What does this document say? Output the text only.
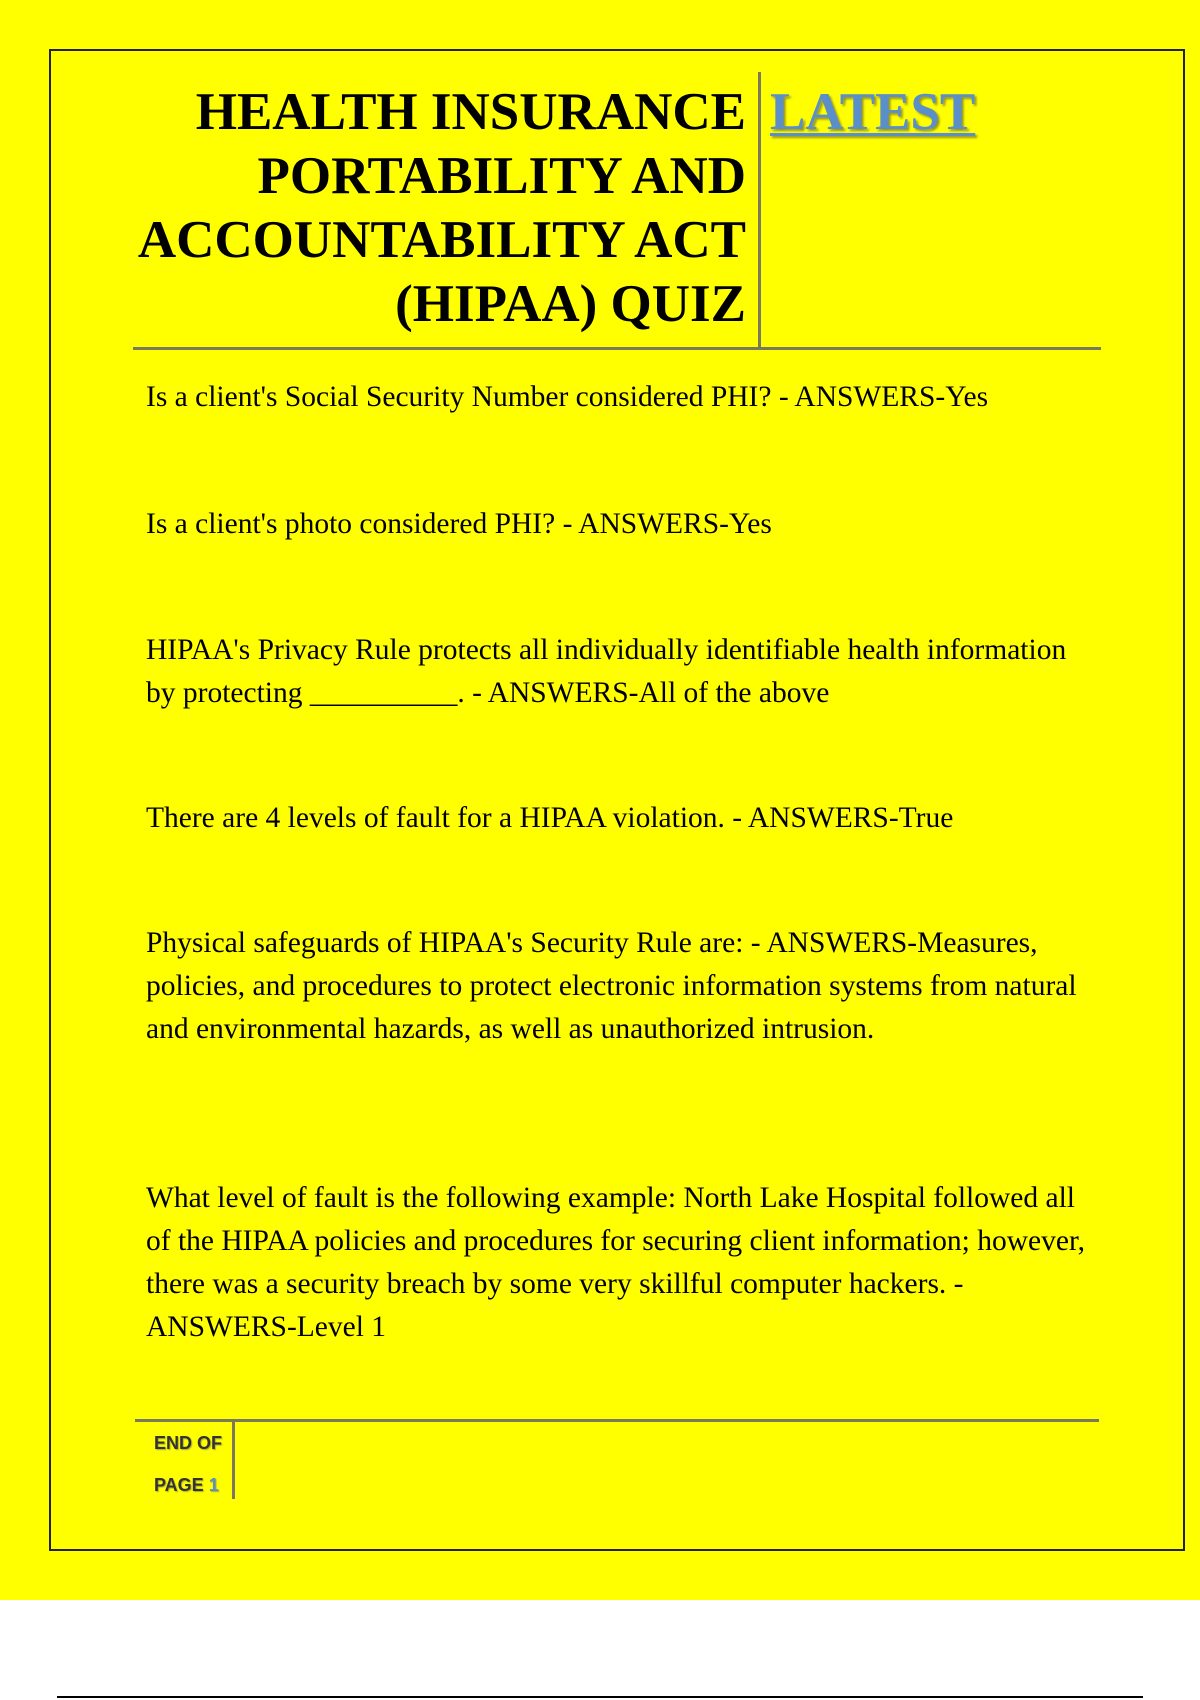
HEALTH INSURANCE PORTABILITY AND ACCOUNTABILITY ACT (HIPAA) QUIZ
LATEST

Is a client's Social Security Number considered PHI? - ANSWERS-Yes

Is a client's photo considered PHI? - ANSWERS-Yes

HIPAA's Privacy Rule protects all individually identifiable health information by protecting __________. - ANSWERS-All of the above

There are 4 levels of fault for a HIPAA violation. - ANSWERS-True

Physical safeguards of HIPAA's Security Rule are: - ANSWERS-Measures, policies, and procedures to protect electronic information systems from natural and environmental hazards, as well as unauthorized intrusion.

What level of fault is the following example: North Lake Hospital followed all of the HIPAA policies and procedures for securing client information; however, there was a security breach by some very skillful computer hackers. - ANSWERS-Level 1

END OF
PAGE 1
